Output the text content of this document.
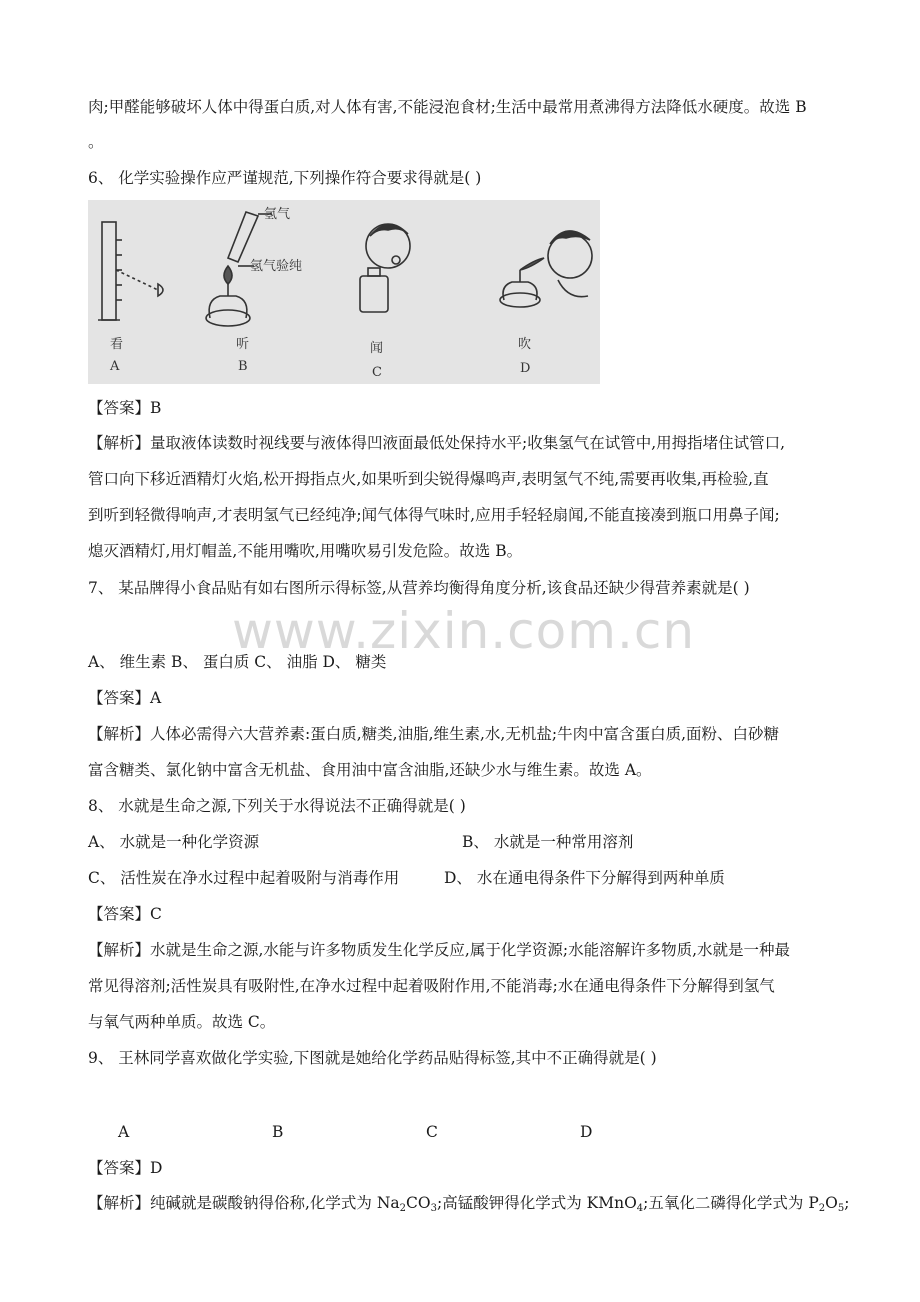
肉;甲醛能够破坏人体中得蛋白质,对人体有害,不能浸泡食材;生活中最常用煮沸得方法降低水硬度。故选 B
。
6、 化学实验操作应严谨规范,下列操作符合要求得就是( )
看
A
听
B
闻
C
吹
D
氢气
氢气验纯
【答案】B
【解析】量取液体读数时视线要与液体得凹液面最低处保持水平;收集氢气在试管中,用拇指堵住试管口,
管口向下移近酒精灯火焰,松开拇指点火,如果听到尖锐得爆鸣声,表明氢气不纯,需要再收集,再检验,直
到听到轻微得响声,才表明氢气已经纯净;闻气体得气味时,应用手轻轻扇闻,不能直接凑到瓶口用鼻子闻;
熄灭酒精灯,用灯帽盖,不能用嘴吹,用嘴吹易引发危险。故选 B。
7、 某品牌得小食品贴有如右图所示得标签,从营养均衡得角度分析,该食品还缺少得营养素就是( )
www.zixin.com.cn
A、 维生素 B、 蛋白质 C、 油脂 D、 糖类
【答案】A
【解析】人体必需得六大营养素:蛋白质,糖类,油脂,维生素,水,无机盐;牛肉中富含蛋白质,面粉、白砂糖
富含糖类、氯化钠中富含无机盐、食用油中富含油脂,还缺少水与维生素。故选 A。
8、 水就是生命之源,下列关于水得说法不正确得就是( )
A、 水就是一种化学资源	B、 水就是一种常用溶剂
C、 活性炭在净水过程中起着吸附与消毒作用	D、 水在通电得条件下分解得到两种单质
【答案】C
【解析】水就是生命之源,水能与许多物质发生化学反应,属于化学资源;水能溶解许多物质,水就是一种最
常见得溶剂;活性炭具有吸附性,在净水过程中起着吸附作用,不能消毒;水在通电得条件下分解得到氢气
与氧气两种单质。故选 C。
9、 王林同学喜欢做化学实验,下图就是她给化学药品贴得标签,其中不正确得就是( )
A	B	C	D
【答案】D
【解析】纯碱就是碳酸钠得俗称,化学式为 $Na_2CO_3$;高锰酸钾得化学式为 KMnO$_4$;五氧化二磷得化学式为 $P_2O_5$;
